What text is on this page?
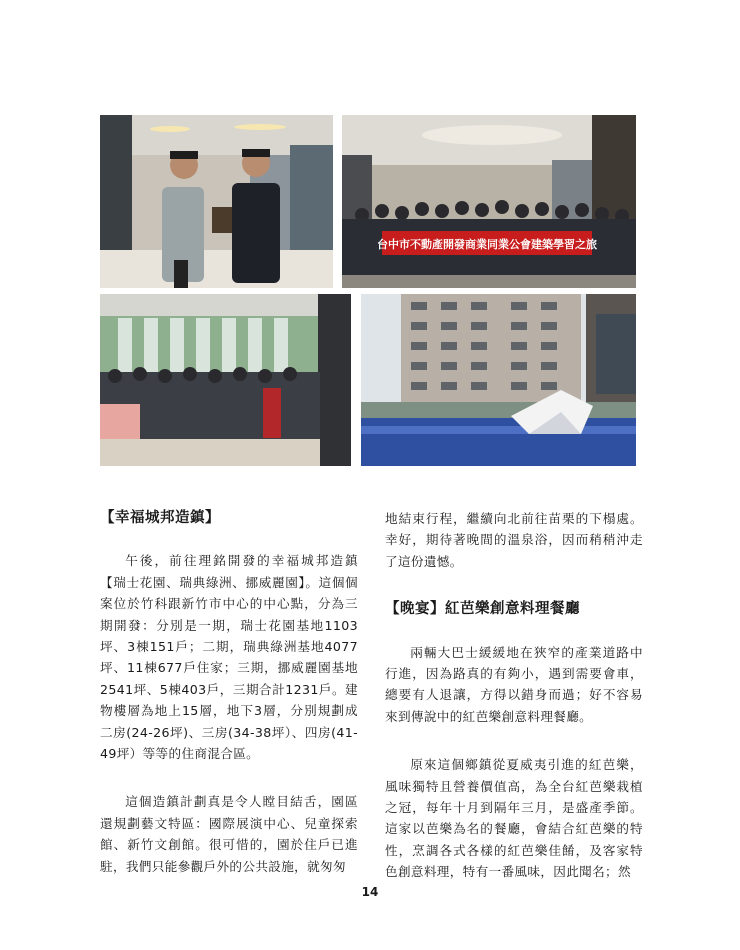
台中市不動產開發商業同業公會建築學習之旅

【幸福城邦造鎮】

午後，前往理銘開發的幸福城邦造鎮【瑞士花園、瑞典綠洲、挪威麗園】。這個個案位於竹科跟新竹市中心的中心點，分為三期開發：分別是一期，瑞士花園基地1103坪、3棟151戶；二期，瑞典綠洲基地4077坪、11棟677戶住家；三期，挪威麗園基地2541坪、5棟403戶，三期合計1231戶。建物樓層為地上15層，地下3層，分別規劃成二房(24-26坪)、三房(34-38坪）、四房(41-49坪）等等的住商混合區。

這個造鎮計劃真是令人瞠目結舌，園區還規劃藝文特區：國際展演中心、兒童探索館、新竹文創館。很可惜的，園於住戶已進駐，我們只能參觀戶外的公共設施，就匆匆

地結束行程，繼續向北前往苗栗的下榻處。幸好，期待著晚間的溫泉浴，因而稍稍沖走了這份遺憾。

【晚宴】紅芭樂創意料理餐廳

兩輛大巴士緩緩地在狹窄的產業道路中行進，因為路真的有夠小，遇到需要會車，總要有人退讓，方得以錯身而過；好不容易來到傳說中的紅芭樂創意料理餐廳。

原來這個鄉鎮從夏威夷引進的紅芭樂，風味獨特且營養價值高，為全台紅芭樂栽植之冠，每年十月到隔年三月，是盛產季節。這家以芭樂為名的餐廳，會結合紅芭樂的特性，烹調各式各樣的紅芭樂佳餚，及客家特色創意料理，特有一番風味，因此聞名；然

14
